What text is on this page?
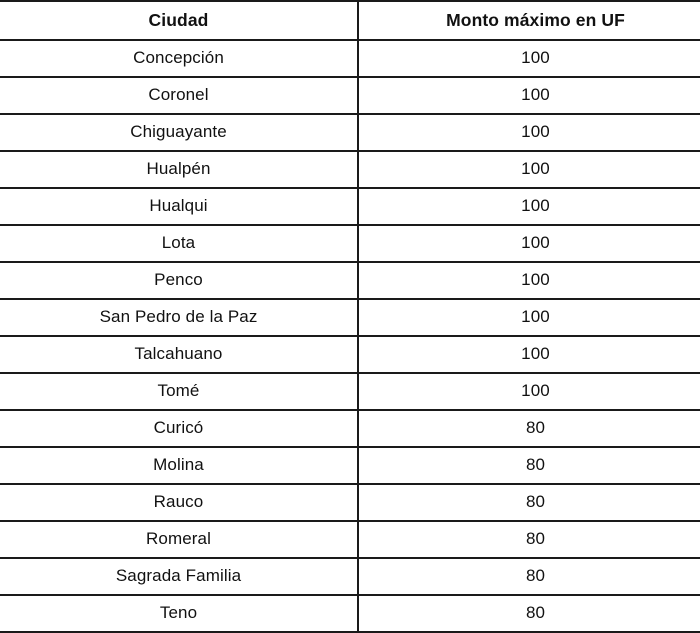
Ciudad	Monto máximo en UF
Concepción	100
Coronel	100
Chiguayante	100
Hualpén	100
Hualqui	100
Lota	100
Penco	100
San Pedro de la Paz	100
Talcahuano	100
Tomé	100
Curicó	80
Molina	80
Rauco	80
Romeral	80
Sagrada Familia	80
Teno	80
